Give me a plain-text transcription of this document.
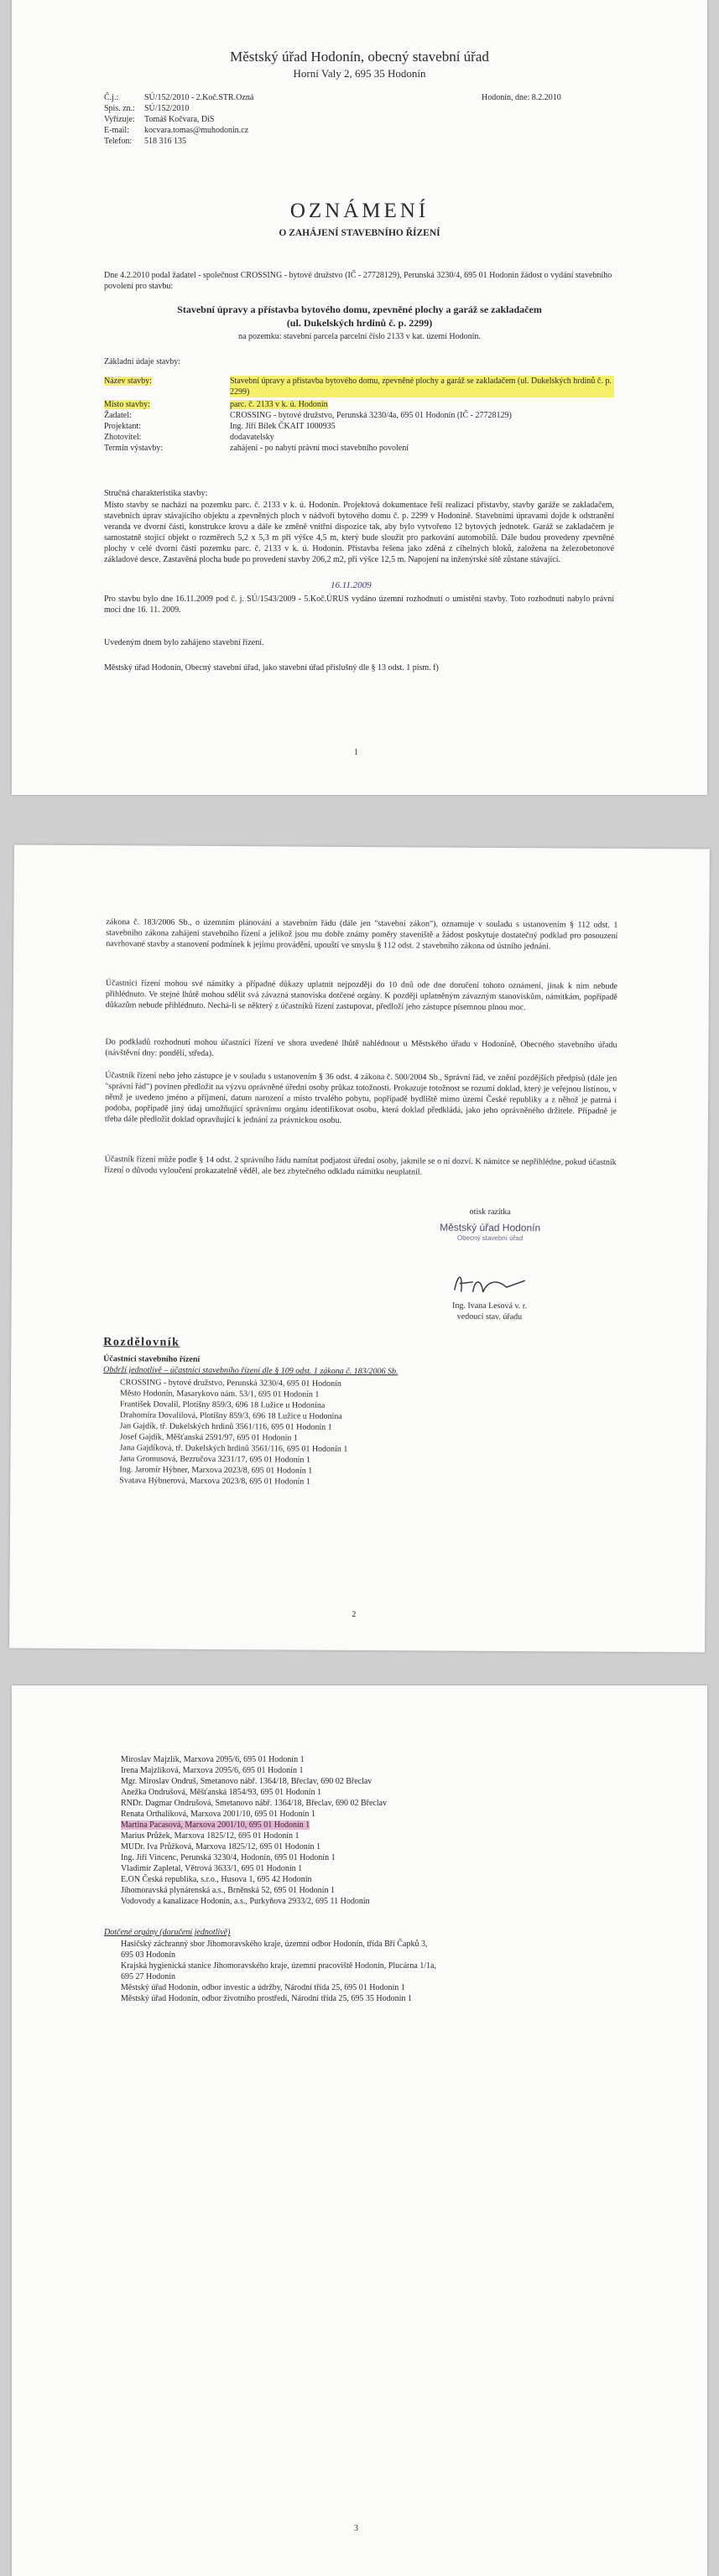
Městský úřad Hodonín, obecný stavební úřad
Horní Valy 2, 695 35 Hodonín
Č.j.:	SÚ/152/2010 - 2.Koč.STR.Ozná
Spis. zn.:	SÚ/152/2010
Vyřizuje:	Tomáš Kočvara, DiS
E-mail:	kocvara.tomas@muhodonin.cz
Telefon:	518 316 135
Hodonín, dne: 8.2.2010
OZNÁMENÍ
O ZAHÁJENÍ STAVEBNÍHO ŘÍZENÍ
Dne 4.2.2010 podal žadatel - společnost CROSSING - bytové družstvo (IČ - 27728129), Perunská 3230/4, 695 01 Hodonín žádost o vydání stavebního povolení pro stavbu:
Stavební úpravy a přístavba bytového domu, zpevněné plochy a garáž se zakladačem
(ul. Dukelských hrdinů č. p. 2299)
na pozemku: stavební parcela parcelní číslo 2133 v kat. území Hodonín.
Základní údaje stavby:
Název stavby:	Stavební úpravy a přístavba bytového domu, zpevněné plochy a garáž se zakladačem (ul. Dukelských hrdinů č. p. 2299)
Místo stavby:	parc. č. 2133 v k. ú. Hodonín
Žadatel:	CROSSING - bytové družstvo, Perunská 3230/4a, 695 01 Hodonín (IČ - 27728129)
Projektant:	Ing. Jiří Bílek ČKAIT 1000935
Zhotovitel:	dodavatelsky
Termín výstavby:	zahájení - po nabytí právní moci stavebního povolení
Stručná charakteristika stavby:
Místo stavby se nachází na pozemku parc. č. 2133 v k. ú. Hodonín. Projektová dokumentace řeší realizaci přístavby, stavby garáže se zakladačem, stavebních úprav stávajícího objektu a zpevněných ploch v nádvoří bytového domu č. p. 2299 v Hodoníně. Stavebními úpravami dojde k odstranění veranda ve dvorní části, konstrukce krovu a dále ke změně vnitřní dispozice tak, aby bylo vytvořeno 12 bytových jednotek. Garáž se zakladačem je samostatně stojící objekt o rozměrech 5,2 x 5,3 m při výšce 4,5 m, který bude sloužit pro parkování automobilů. Dále budou provedeny zpevněné plochy v celé dvorní části pozemku parc. č. 2133 v k. ú. Hodonín. Přístavba řešena jako zděná z cihelných bloků, založena na železobetonové základové desce. Zastavěná plocha bude po provedení stavby 206,2 m2, při výšce 12,5 m. Napojení na inženýrské sítě zůstane stávající.
16.11.2009
Pro stavbu bylo dne 16.11.2009 pod č. j. SÚ/1543/2009 - 5.Koč.ÚRUS vydáno územní rozhodnutí o umístění stavby. Toto rozhodnutí nabylo právní moci dne 16. 11. 2009.
Uvedeným dnem bylo zahájeno stavební řízení.
Městský úřad Hodonín, Obecný stavební úřad, jako stavební úřad příslušný dle § 13 odst. 1 písm. f)
1
zákona č. 183/2006 Sb., o územním plánování a stavebním řádu (dále jen "stavební zákon"), oznamuje v souladu s ustanovením § 112 odst. 1 stavebního zákona zahájení stavebního řízení a jelikož jsou mu dobře známy poměry staveniště a žádost poskytuje dostatečný podklad pro posouzení navrhované stavby a stanovení podmínek k jejímu provádění, upouští ve smyslu § 112 odst. 2 stavebního zákona od ústního jednání.
Účastníci řízení mohou své námitky a případné důkazy uplatnit nejpozději do 10 dnů ode dne doručení tohoto oznámení, jinak k nim nebude přihlédnuto. Ve stejné lhůtě mohou sdělit svá závazná stanoviska dotčené orgány. K později uplatněným závazným stanoviskům, námitkám, popřípadě důkazům nebude přihlédnuto. Nechá-li se některý z účastníků řízení zastupovat, předloží jeho zástupce písemnou plnou moc.
Do podkladů rozhodnutí mohou účastníci řízení ve shora uvedené lhůtě nahlédnout u Městského úřadu v Hodoníně, Obecného stavebního úřadu (návštěvní dny: pondělí, středa).
Účastník řízení nebo jeho zástupce je v souladu s ustanovením § 36 odst. 4 zákona č. 500/2004 Sb., Správní řád, ve znění pozdějších předpisů (dále jen "správní řád") povinen předložit na výzvu oprávněné úřední osoby průkaz totožnosti. Prokazuje totožnost se rozumí doklad, který je veřejnou listinou, v němž je uvedeno jméno a příjmení, datum narození a místo trvalého pobytu, popřípadě bydliště mimo území České republiky a z něhož je patrná i podoba, popřípadě jiný údaj umožňující správnímu orgánu identifikovat osobu, která doklad předkládá, jako jeho oprávněného držitele. Případně je třeba dále předložit doklad opravňující k jednání za právnickou osobu.
Účastník řízení může podle § 14 odst. 2 správního řádu namítat podjatost úřední osoby, jakmile se o ní dozví. K námitce se nepřihlédne, pokud účastník řízení o důvodu vyloučení prokazatelně věděl, ale bez zbytečného odkladu námitku neuplatnil.
otisk razítka
Městský úřad Hodonín
Obecný stavební úřad
Ing. Ivana Lesová v. r.
vedoucí stav. úřadu
Rozdělovník
Účastníci stavebního řízení
Obdrží jednotlivě – účastníci stavebního řízení dle § 109 odst. 1 zákona č. 183/2006 Sb.
CROSSING - bytové družstvo, Perunská 3230/4, 695 01 Hodonín
Město Hodonín, Masarykovo nám. 53/1, 695 01 Hodonín 1
František Dovalil, Plotíšny 859/3, 696 18 Lužice u Hodonína
Drahomíra Dovalilová, Plotíšny 859/3, 696 18 Lužice u Hodonína
Jan Gajdík, tř. Dukelských hrdinů 3561/116, 695 01 Hodonín 1
Josef Gajdík, Měšťanská 2591/97, 695 01 Hodonín 1
Jana Gajdíková, tř. Dukelských hrdinů 3561/116, 695 01 Hodonín 1
Jana Gromusová, Bezručova 3231/17, 695 01 Hodonín 1
Ing. Jaromír Hýbner, Marxova 2023/8, 695 01 Hodonín 1
Svatava Hýbnerová, Marxova 2023/8, 695 01 Hodonín 1
2
Miroslav Majzlík, Marxova 2095/6, 695 01 Hodonín 1
Irena Majzlíková, Marxova 2095/6, 695 01 Hodonín 1
Mgr. Miroslav Ondruš, Smetanovo nábř. 1364/18, Břeclav, 690 02 Břeclav
Anežka Ondrušová, Měšťanská 1854/93, 695 01 Hodonín 1
RNDr. Dagmar Ondrušová, Smetanovo nábř. 1364/18, Břeclav, 690 02 Břeclav
Renata Orthaliková, Marxova 2001/10, 695 01 Hodonín 1
Martina Pacasová, Marxova 2001/10, 695 01 Hodonín 1
Marius Průžek, Marxova 1825/12, 695 01 Hodonín 1
MUDr. Iva Průžková, Marxova 1825/12, 695 01 Hodonín 1
Ing. Jiří Vincenc, Perunská 3230/4, Hodonín, 695 01 Hodonín 1
Vladimír Zapletal, Větrová 3633/1, 695 01 Hodonín 1
E.ON Česká republika, s.r.o., Husova 1, 695 42 Hodonín
Jihomoravská plynárenská a.s., Brněnská 52, 695 01 Hodonín 1
Vodovody a kanalizace Hodonín, a.s., Purkyňova 2933/2, 695 11 Hodonín
Dotčené orgány (doručení jednotlivě)
Hasičský záchranný sbor Jihomoravského kraje, územní odbor Hodonín, třída Bří Čapků 3,
695 03 Hodonín
Krajská hygienická stanice Jihomoravského kraje, územní pracoviště Hodonín, Plucárna 1/1a,
695 27 Hodonín
Městský úřad Hodonín, odbor investic a údržby, Národní třída 25, 695 01 Hodonín 1
Městský úřad Hodonín, odbor životního prostředí, Národní třída 25, 695 35 Hodonín 1
3
